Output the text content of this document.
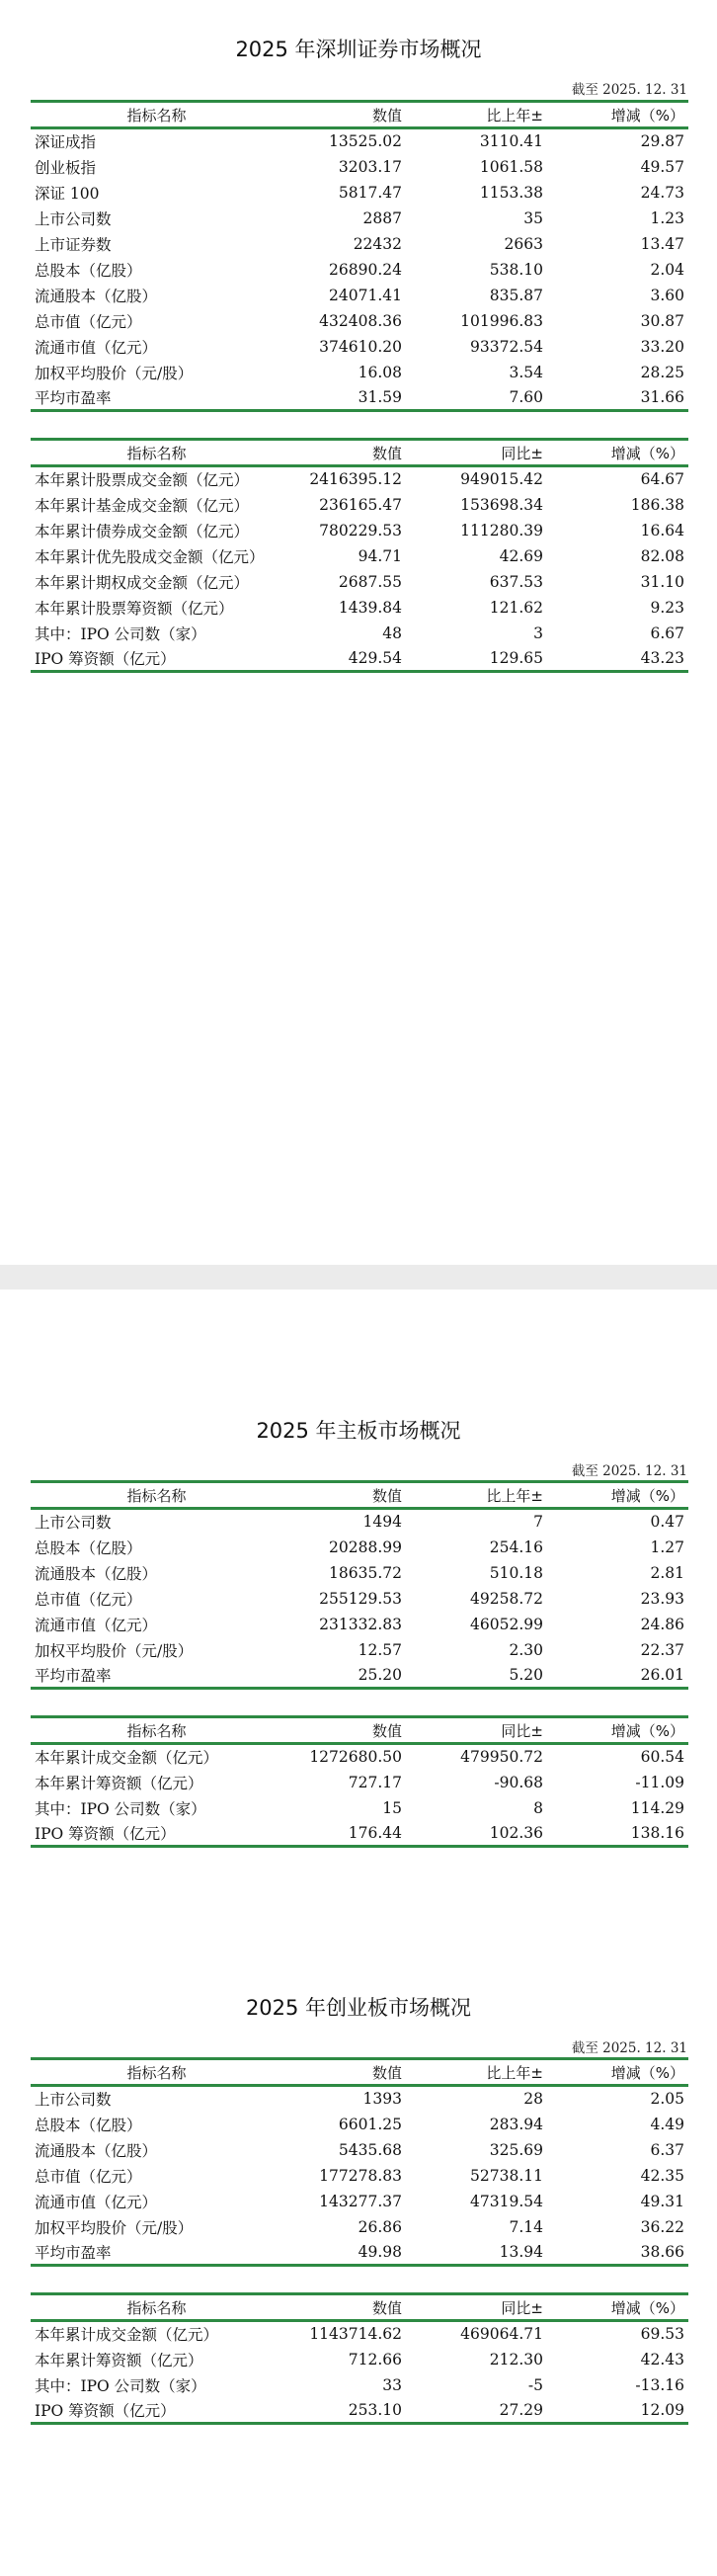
2025 年深圳证券市场概况
截至 2025. 12. 31
指标名称	数值	比上年±	增减（%）
深证成指	13525.02	3110.41	29.87
创业板指	3203.17	1061.58	49.57
深证 100	5817.47	1153.38	24.73
上市公司数	2887	35	1.23
上市证券数	22432	2663	13.47
总股本（亿股）	26890.24	538.10	2.04
流通股本（亿股）	24071.41	835.87	3.60
总市值（亿元）	432408.36	101996.83	30.87
流通市值（亿元）	374610.20	93372.54	33.20
加权平均股价（元/股）	16.08	3.54	28.25
平均市盈率	31.59	7.60	31.66
指标名称	数值	同比±	增减（%）
本年累计股票成交金额（亿元）	2416395.12	949015.42	64.67
本年累计基金成交金额（亿元）	236165.47	153698.34	186.38
本年累计债券成交金额（亿元）	780229.53	111280.39	16.64
本年累计优先股成交金额（亿元）	94.71	42.69	82.08
本年累计期权成交金额（亿元）	2687.55	637.53	31.10
本年累计股票筹资额（亿元）	1439.84	121.62	9.23
其中：IPO 公司数（家）	48	3	6.67
IPO 筹资额（亿元）	429.54	129.65	43.23
2025 年主板市场概况
截至 2025. 12. 31
指标名称	数值	比上年±	增减（%）
上市公司数	1494	7	0.47
总股本（亿股）	20288.99	254.16	1.27
流通股本（亿股）	18635.72	510.18	2.81
总市值（亿元）	255129.53	49258.72	23.93
流通市值（亿元）	231332.83	46052.99	24.86
加权平均股价（元/股）	12.57	2.30	22.37
平均市盈率	25.20	5.20	26.01
指标名称	数值	同比±	增减（%）
本年累计成交金额（亿元）	1272680.50	479950.72	60.54
本年累计筹资额（亿元）	727.17	-90.68	-11.09
其中：IPO 公司数（家）	15	8	114.29
IPO 筹资额（亿元）	176.44	102.36	138.16
2025 年创业板市场概况
截至 2025. 12. 31
指标名称	数值	比上年±	增减（%）
上市公司数	1393	28	2.05
总股本（亿股）	6601.25	283.94	4.49
流通股本（亿股）	5435.68	325.69	6.37
总市值（亿元）	177278.83	52738.11	42.35
流通市值（亿元）	143277.37	47319.54	49.31
加权平均股价（元/股）	26.86	7.14	36.22
平均市盈率	49.98	13.94	38.66
指标名称	数值	同比±	增减（%）
本年累计成交金额（亿元）	1143714.62	469064.71	69.53
本年累计筹资额（亿元）	712.66	212.30	42.43
其中：IPO 公司数（家）	33	-5	-13.16
IPO 筹资额（亿元）	253.10	27.29	12.09
